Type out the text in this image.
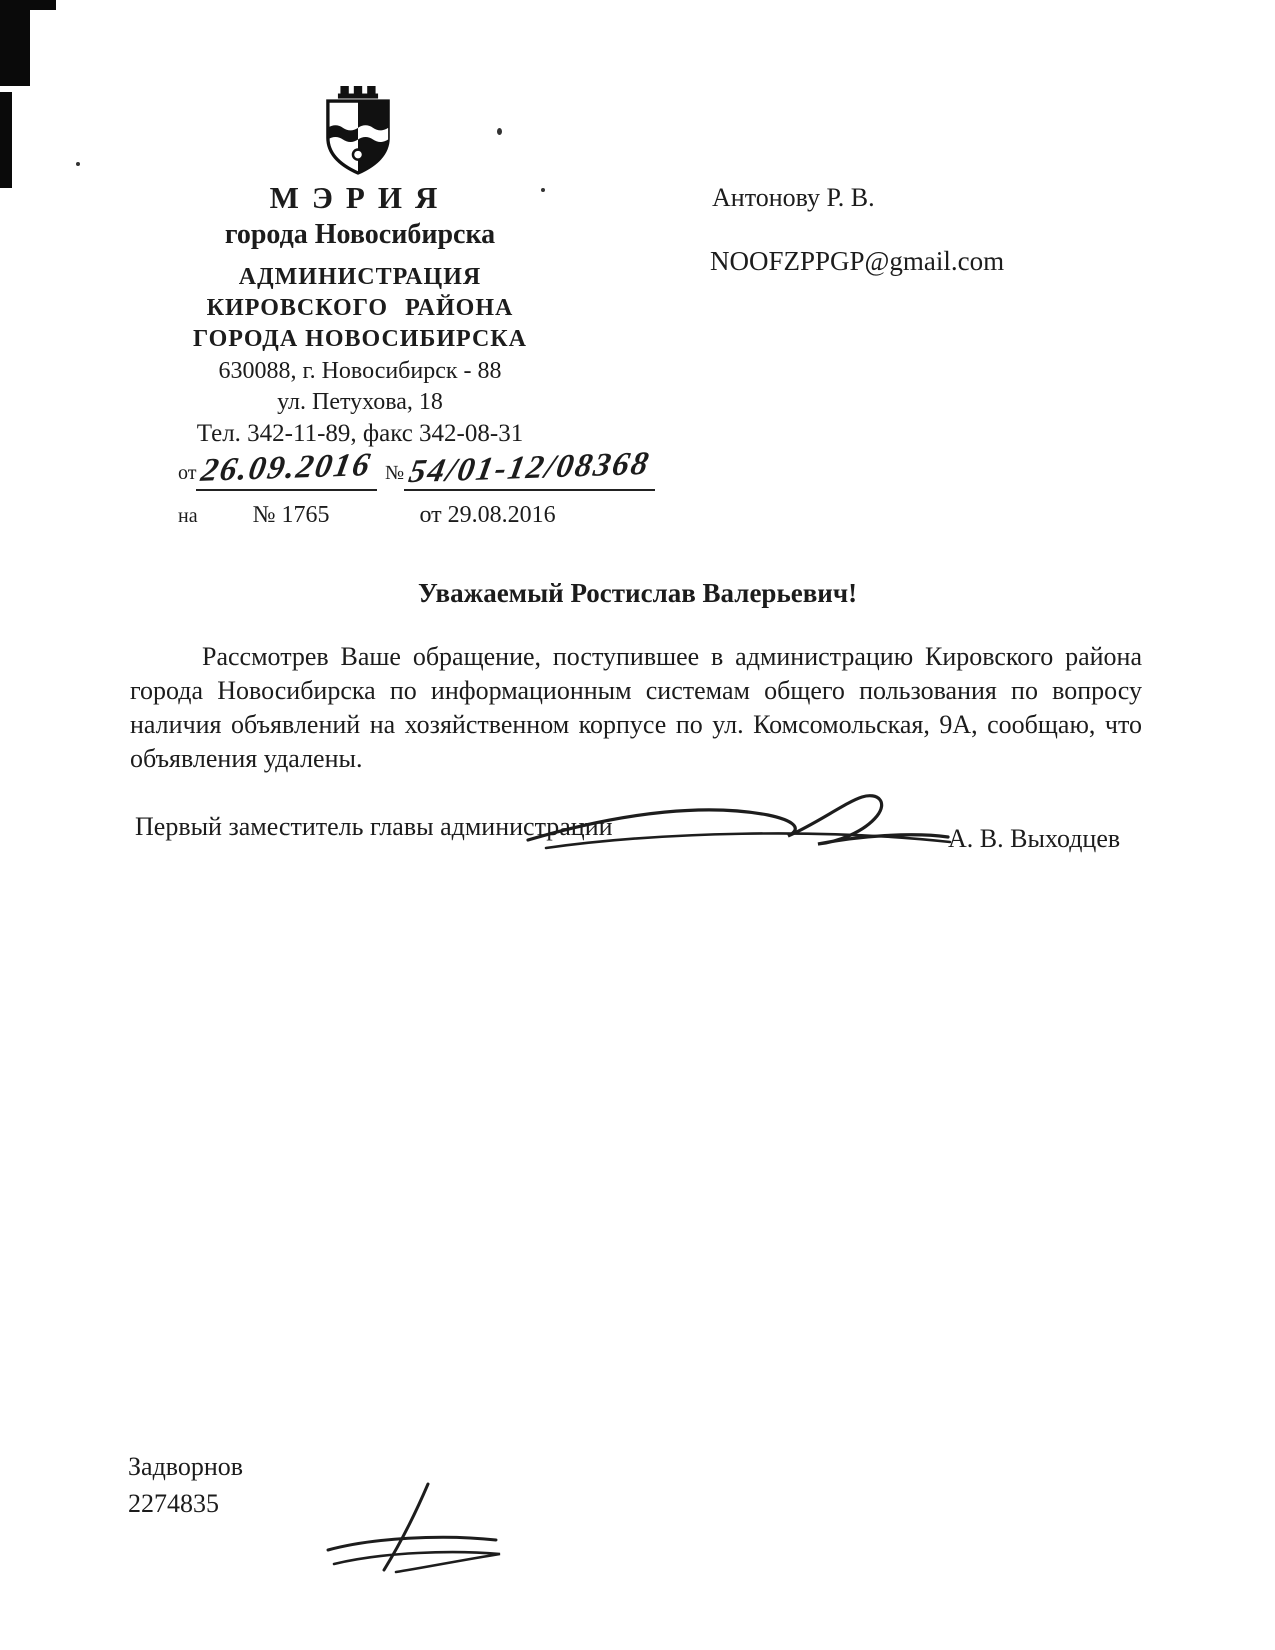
МЭРИЯ
города Новосибирска
АДМИНИСТРАЦИЯ
КИРОВСКОГО РАЙОНА
ГОРОДА НОВОСИБИРСКА
630088, г. Новосибирск - 88
ул. Петухова, 18
Тел. 342-11-89, факс 342-08-31
от 26.09.2016 № 54/01-12/08368
на № 1765	от 29.08.2016
Антонову Р. В.
NOOFZPPGP@gmail.com
Уважаемый Ростислав Валерьевич!
Рассмотрев Ваше обращение, поступившее в администрацию Кировского района города Новосибирска по информационным системам общего пользования по вопросу наличия объявлений на хозяйственном корпусе по ул. Комсомольская, 9А, сообщаю, что объявления удалены.
Первый заместитель главы администрации	А. В. Выходцев
Задворнов
2274835
